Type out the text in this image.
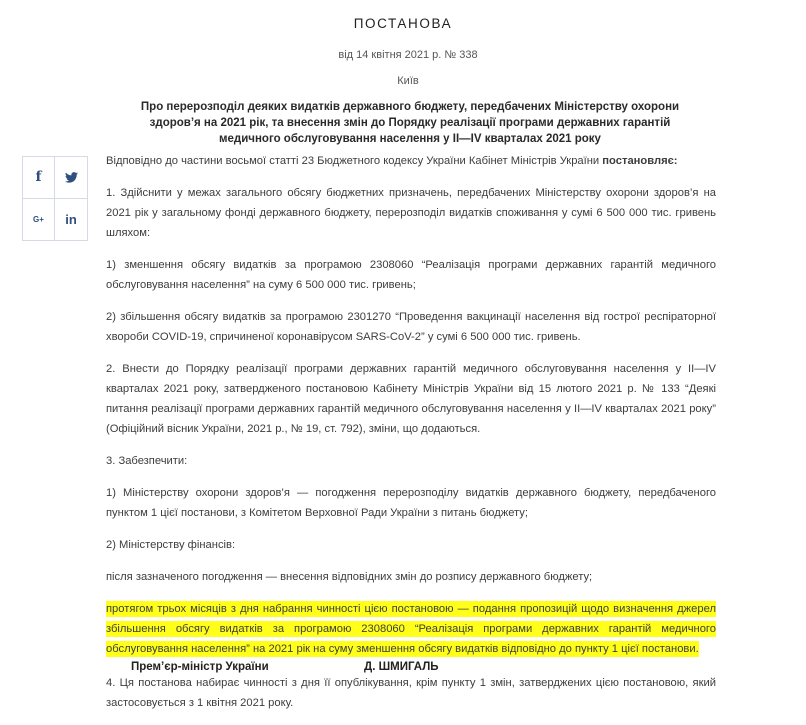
ПОСТАНОВА
від 14 квітня 2021 р. № 338
Київ
Про перерозподіл деяких видатків державного бюджету, передбачених Міністерству охорони здоров’я на 2021 рік, та внесення змін до Порядку реалізації програми державних гарантій медичного обслуговування населення у II—IV кварталах 2021 року
f
G+ in

Відповідно до частини восьмої статті 23 Бюджетного кодексу України Кабінет Міністрів України постановляє:

1. Здійснити у межах загального обсягу бюджетних призначень, передбачених Міністерству охорони здоров’я на 2021 рік у загальному фонді державного бюджету, перерозподіл видатків споживання у сумі 6 500 000 тис. гривень шляхом:

1) зменшення обсягу видатків за програмою 2308060 “Реалізація програми державних гарантій медичного обслуговування населення” на суму 6 500 000 тис. гривень;

2) збільшення обсягу видатків за програмою 2301270 “Проведення вакцинації населення від гострої респіраторної хвороби COVID-19, спричиненої коронавірусом SARS-CoV-2” у сумі 6 500 000 тис. гривень.

2. Внести до Порядку реалізації програми державних гарантій медичного обслуговування населення у II—IV кварталах 2021 року, затвердженого постановою Кабінету Міністрів України від 15 лютого 2021 р. № 133 “Деякі питання реалізації програми державних гарантій медичного обслуговування населення у II—IV кварталах 2021 року” (Офіційний вісник України, 2021 р., № 19, ст. 792), зміни, що додаються.

3. Забезпечити:

1) Міністерству охорони здоров’я — погодження перерозподілу видатків державного бюджету, передбаченого пунктом 1 цієї постанови, з Комітетом Верховної Ради України з питань бюджету;

2) Міністерству фінансів:

після зазначеного погодження — внесення відповідних змін до розпису державного бюджету;

протягом трьох місяців з дня набрання чинності цією постановою — подання пропозицій щодо визначення джерел збільшення обсягу видатків за програмою 2308060 “Реалізація програми державних гарантій медичного обслуговування населення” на 2021 рік на суму зменшення обсягу видатків відповідно до пункту 1 цієї постанови.

4. Ця постанова набирає чинності з дня її опублікування, крім пункту 1 змін, затверджених цією постановою, який застосовується з 1 квітня 2021 року.

Прем’єр-міністр України	Д. ШМИГАЛЬ
